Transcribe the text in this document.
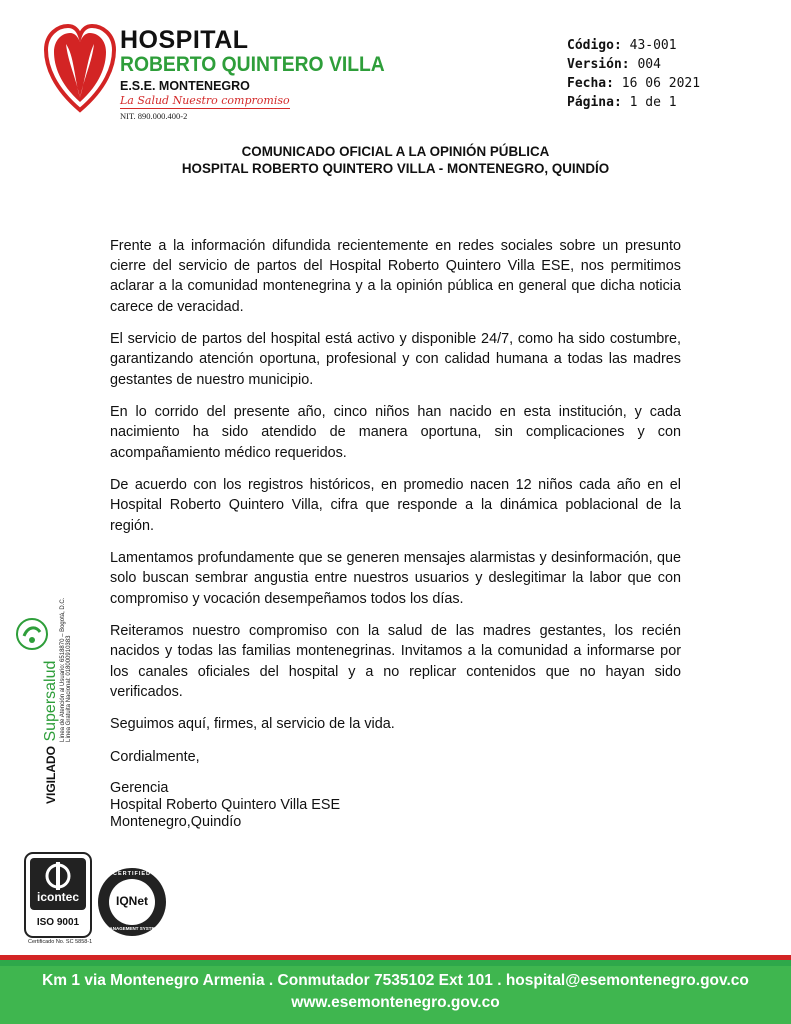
HOSPITAL
ROBERTO QUINTERO VILLA
E.S.E. MONTENEGRO
La Salud Nuestro compromiso
NIT. 890.000.400-2
Código: 43-001
Versión: 004
Fecha: 16 06 2021
Página: 1 de 1
COMUNICADO OFICIAL A LA OPINIÓN PÚBLICA
HOSPITAL ROBERTO QUINTERO VILLA - MONTENEGRO, QUINDÍO

Frente a la información difundida recientemente en redes sociales sobre un presunto cierre del servicio de partos del Hospital Roberto Quintero Villa ESE, nos permitimos aclarar a la comunidad montenegrina y a la opinión pública en general que dicha noticia carece de veracidad.

El servicio de partos del hospital está activo y disponible 24/7, como ha sido costumbre, garantizando atención oportuna, profesional y con calidad humana a todas las madres gestantes de nuestro municipio.

En lo corrido del presente año, cinco niños han nacido en esta institución, y cada nacimiento ha sido atendido de manera oportuna, sin complicaciones y con acompañamiento médico requeridos.

De acuerdo con los registros históricos, en promedio nacen 12 niños cada año en el Hospital Roberto Quintero Villa, cifra que responde a la dinámica poblacional de la región.

Lamentamos profundamente que se generen mensajes alarmistas y desinformación, que solo buscan sembrar angustia entre nuestros usuarios y deslegitimar la labor que con compromiso y vocación desempeñamos todos los días.

Reiteramos nuestro compromiso con la salud de las madres gestantes, los recién nacidos y todas las familias montenegrinas. Invitamos a la comunidad a informarse por los canales oficiales del hospital y a no replicar contenidos que no hayan sido verificados.

Seguimos aquí, firmes, al servicio de la vida.

Cordialmente,

Gerencia
Hospital Roberto Quintero Villa ESE
Montenegro,Quindío
VIGILADO Supersalud Línea de Atención al Usuario: 6518870 – Bogotá, D.C. Línea Gratuita Nacional: 018000910383
icontec
ISO 9001
Certificado No. SC 5858-1
IQNet
CERTIFIED
MANAGEMENT SYSTEM
Km 1 via Montenegro Armenia . Conmutador 7535102 Ext 101 . hospital@esemontenegro.gov.co
www.esemontenegro.gov.co
